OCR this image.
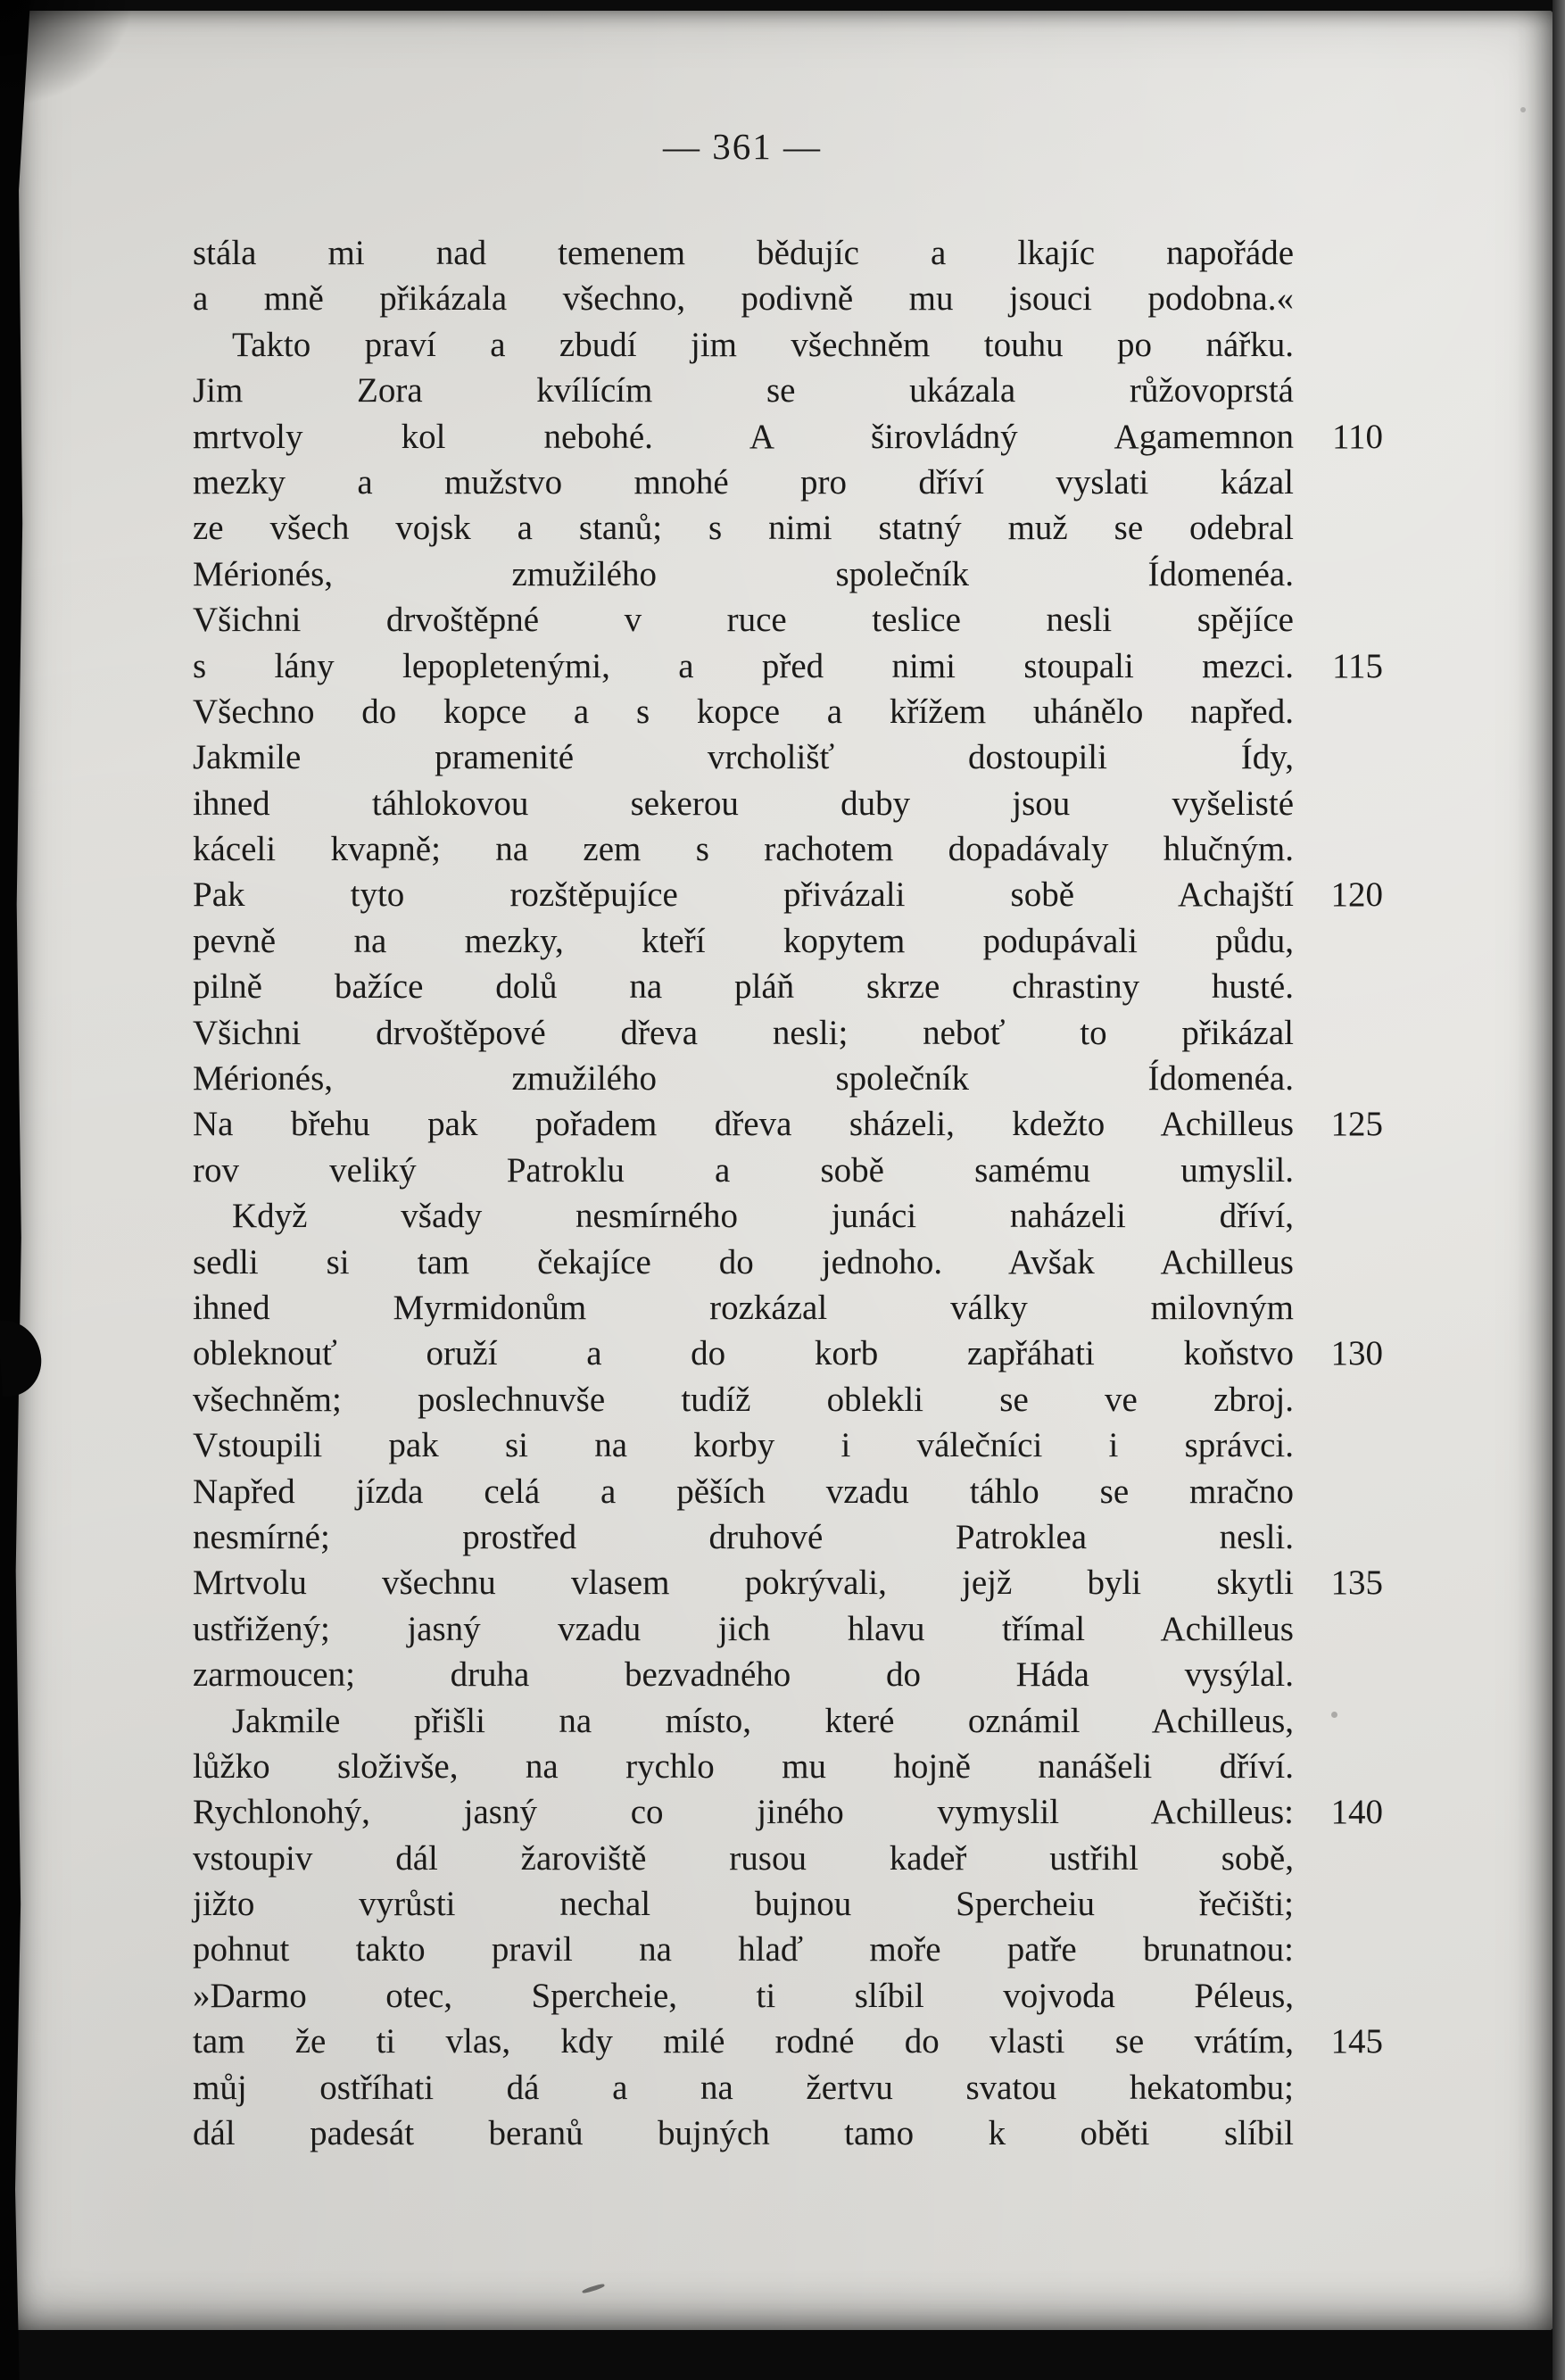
— 361 —
stála mi nad temenem bědujíc a lkajíc napořáde
a mně přikázala všechno, podivně mu jsouci podobna.«
Takto praví a zbudí jim všechněm touhu po nářku.
Jim Zora kvílícím se ukázala růžovoprstá
mrtvoly kol nebohé. A širovládný Agamemnon	110
mezky a mužstvo mnohé pro dříví vyslati kázal
ze všech vojsk a stanů; s nimi statný muž se odebral
Mérionés, zmužilého společník Ídomenéa.
Všichni drvoštěpné v ruce teslice nesli spějíce
s lány lepopletenými, a před nimi stoupali mezci.	115
Všechno do kopce a s kopce a křížem uhánělo napřed.
Jakmile pramenité vrcholišť dostoupili Ídy,
ihned táhlokovou sekerou duby jsou vyšelisté
káceli kvapně; na zem s rachotem dopadávaly hlučným.
Pak tyto rozštěpujíce přivázali sobě Achajští	120
pevně na mezky, kteří kopytem podupávali půdu,
pilně bažíce dolů na pláň skrze chrastiny husté.
Všichni drvoštěpové dřeva nesli; neboť to přikázal
Mérionés, zmužilého společník Ídomenéa.
Na břehu pak pořadem dřeva sházeli, kdežto Achilleus	125
rov veliký Patroklu a sobě samému umyslil.
Když všady nesmírného junáci naházeli dříví,
sedli si tam čekajíce do jednoho. Avšak Achilleus
ihned Myrmidonům rozkázal války milovným
obleknouť oruží a do korb zapřáhati koňstvo	130
všechněm; poslechnuvše tudíž oblekli se ve zbroj.
Vstoupili pak si na korby i válečníci i správci.
Napřed jízda celá a pěších vzadu táhlo se mračno
nesmírné; prostřed druhové Patroklea nesli.
Mrtvolu všechnu vlasem pokrývali, jejž byli skytli	135
ustřižený; jasný vzadu jich hlavu třímal Achilleus
zarmoucen; druha bezvadného do Háda vysýlal.
Jakmile přišli na místo, které oznámil Achilleus,
lůžko složivše, na rychlo mu hojně nanášeli dříví.
Rychlonohý, jasný co jiného vymyslil Achilleus:	140
vstoupiv dál žaroviště rusou kadeř ustřihl sobě,
jižto vyrůsti nechal bujnou Spercheiu řečišti;
pohnut takto pravil na hlaď moře patře brunatnou:
»Darmo otec, Spercheie, ti slíbil vojvoda Péleus,
tam že ti vlas, kdy milé rodné do vlasti se vrátím,	145
můj ostříhati dá a na žertvu svatou hekatombu;
dál padesát beranů bujných tamo k oběti slíbil
